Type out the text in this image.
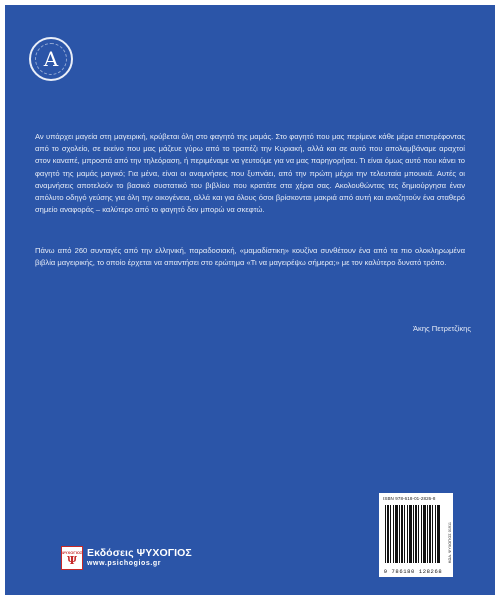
A
Αν υπάρχει μαγεία στη μαγειρική, κρύβεται όλη στο φαγητό της μαμάς. Στο φαγητό που μας περίμενε κάθε μέρα επιστρέφοντας από το σχολείο, σε εκείνο που μας μάζευε γύρω από το τραπέζι την Κυριακή, αλλά και σε αυτό που απολαμβάναμε αραχτοί στον καναπέ, μπροστά από την τηλεόραση, ή περιμέναμε να γευτούμε για να μας παρηγορήσει. Τι είναι όμως αυτό που κάνει το φαγητό της μαμάς μαγικό; Για μένα, είναι οι αναμνήσεις που ξυπνάει, από την πρώτη μέχρι την τελευταία μπουκιά. Αυτές οι αναμνήσεις αποτελούν το βασικό συστατικό του βιβλίου που κρατάτε στα χέρια σας. Ακολουθώντας τες δημιούργησα έναν απόλυτο οδηγό γεύσης για όλη την οικογένεια, αλλά και για όλους όσοι βρίσκονται μακριά από αυτή και αναζητούν ένα σταθερό σημείο αναφοράς – καλύτερο από το φαγητό δεν μπορώ να σκεφτώ.
Πάνω από 260 συνταγές από την ελληνική, παραδοσιακή, «μαμαδίστικη» κουζίνα συνθέτουν ένα από τα πιο ολοκληρωμένα βιβλία μαγειρικής, το οποίο έρχεται να απαντήσει στο ερώτημα «Τι να μαγειρέψω σήμερα;» με τον καλύτερο δυνατό τρόπο.
Άκης Πετρετζίκης
ΨΥΧΟΓΙΟΣ
Ψ
Εκδόσεις ΨΥΧΟΓΙΟΣ
www.psichogios.gr
ISBN 978-618-01-2826-8
9 786180 128268
ΚΩΔ. ΨΥΧΟΓΙΟΣ 01911
